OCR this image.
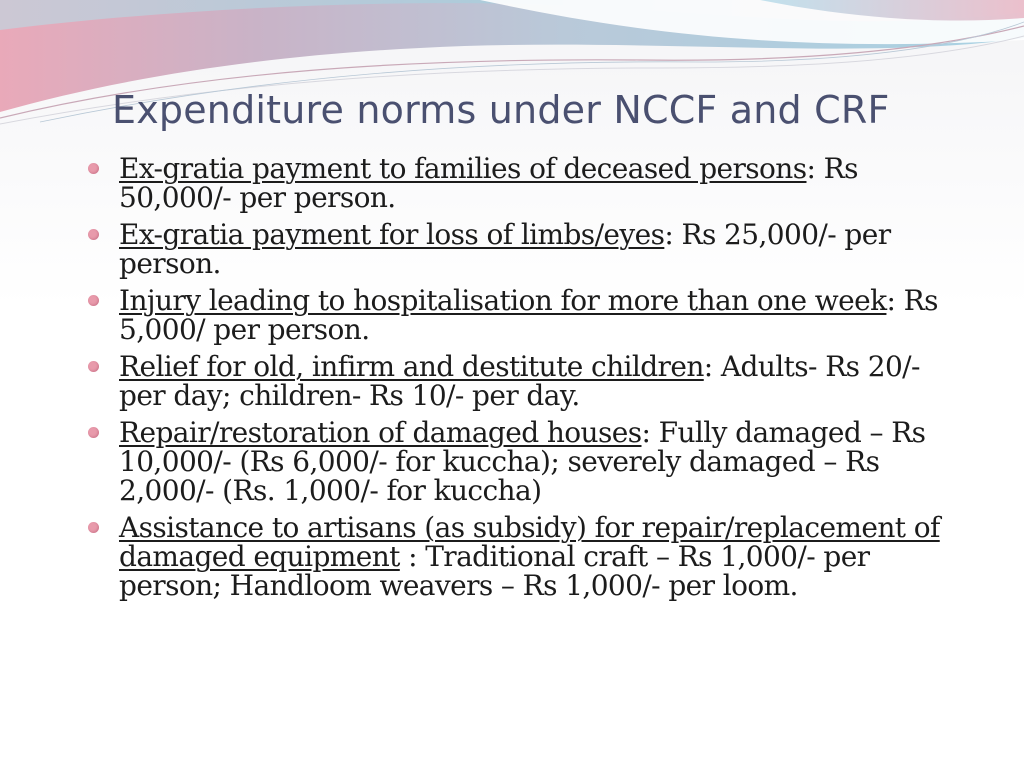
Expenditure norms under NCCF and CRF
Ex-gratia payment to families of deceased persons: Rs 50,000/- per person.
Ex-gratia payment for loss of limbs/eyes: Rs 25,000/- per person.
Injury leading to hospitalisation for more than one week: Rs 5,000/ per person.
Relief for old, infirm and destitute children: Adults- Rs 20/- per day; children- Rs 10/- per day.
Repair/restoration of damaged houses: Fully damaged – Rs 10,000/- (Rs 6,000/- for kuccha); severely damaged – Rs 2,000/- (Rs. 1,000/- for kuccha)
Assistance to artisans (as subsidy) for repair/replacement of damaged equipment : Traditional craft – Rs 1,000/- per person; Handloom weavers – Rs 1,000/- per loom.
